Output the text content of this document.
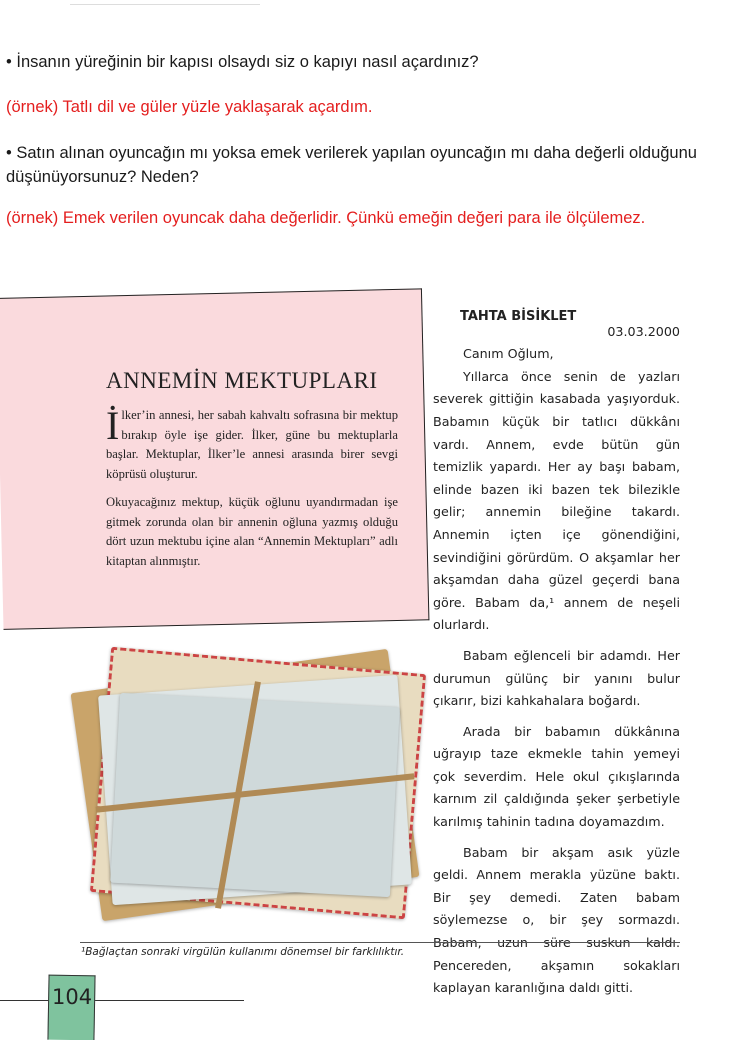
• İnsanın yüreğinin bir kapısı olsaydı siz o kapıyı nasıl açardınız?
(örnek) Tatlı dil ve güler yüzle yaklaşarak açardım.
• Satın alınan oyuncağın mı yoksa emek verilerek yapılan oyuncağın mı daha değerli olduğunu düşünüyorsunuz? Neden?
(örnek) Emek verilen oyuncak daha değerlidir. Çünkü emeğin değeri para ile ölçülemez.
ANNEMİN MEKTUPLARI

İlker’in annesi, her sabah kahvaltı sofrasına bir mektup bırakıp öyle işe gider. İlker, güne bu mektuplarla başlar. Mektuplar, İlker’le annesi arasında birer sevgi köprüsü oluşturur.

Okuyacağınız mektup, küçük oğlunu uyandırmadan işe gitmek zorunda olan bir annenin oğluna yazmış olduğu dört uzun mektubu içine alan “Annemin Mektupları” adlı kitaptan alınmıştır.

TAHTA BİSİKLET
03.03.2000

Canım Oğlum,

Yıllarca önce senin de yazları severek gittiğin kasabada yaşıyorduk. Babamın küçük bir tatlıcı dükkânı vardı. Annem, evde bütün gün temizlik yapardı. Her ay başı babam, elinde bazen iki bazen tek bilezikle gelir; annemin bileğine takardı. Annemin içten içe gönendiğini, sevindiğini görürdüm. O akşamlar her akşamdan daha güzel geçerdi bana göre. Babam da,¹ annem de neşeli olurlardı.

Babam eğlenceli bir adamdı. Her durumun gülünç bir yanını bulur çıkarır, bizi kahkahalara boğardı.

Arada bir babamın dükkânına uğrayıp taze ekmekle tahin yemeyi çok severdim. Hele okul çıkışlarında karnım zil çaldığında şeker şerbetiyle karılmış tahinin tadına doyamazdım.

Babam bir akşam asık yüzle geldi. Annem merakla yüzüne baktı. Bir şey demedi. Zaten babam söylemezse o, bir şey sormazdı. Babam, uzun süre suskun kaldı. Pencereden, akşamın sokakları kaplayan karanlığına daldı gitti.

¹Bağlaçtan sonraki virgülün kullanımı dönemsel bir farklılıktır.
104
